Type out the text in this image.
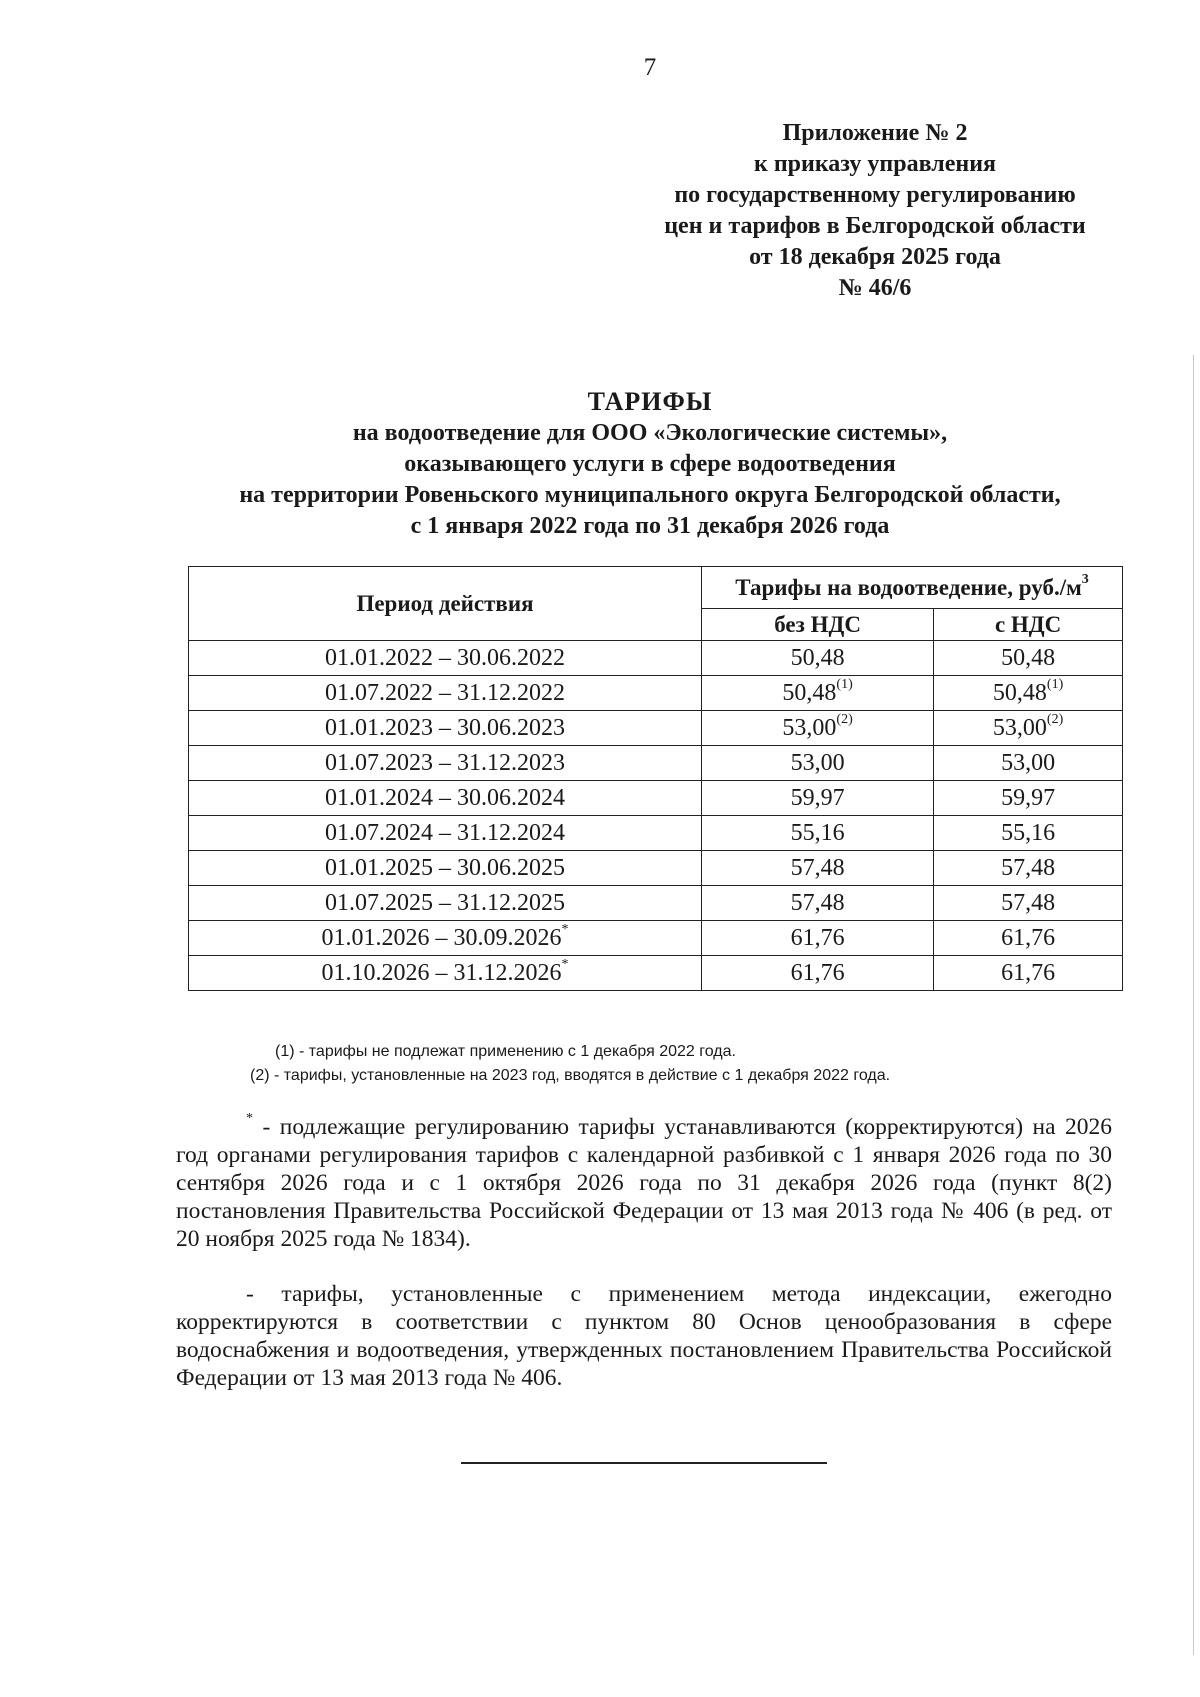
7
Приложение № 2
к приказу управления
по государственному регулированию
цен и тарифов в Белгородской области
от 18 декабря 2025 года
№ 46/6
ТАРИФЫ
на водоотведение для ООО «Экологические системы»,
оказывающего услуги в сфере водоотведения
на территории Ровеньского муниципального округа Белгородской области,
с 1 января 2022 года по 31 декабря 2026 года
Период действия	Тарифы на водоотведение, $руб./м^3$
	без НДС	с НДС
01.01.2022 – 30.06.2022	50,48	50,48
01.07.2022 – 31.12.2022	50,48$^{(1)}$	50,48$^{(1)}$
01.01.2023 – 30.06.2023	53,00$^{(2)}$	53,00$^{(2)}$
01.07.2023 – 31.12.2023	53,00	53,00
01.01.2024 – 30.06.2024	59,97	59,97
01.07.2024 – 31.12.2024	55,16	55,16
01.01.2025 – 30.06.2025	57,48	57,48
01.07.2025 – 31.12.2025	57,48	57,48
01.01.2026 – 30.09.2026*	61,76	61,76
01.10.2026 – 31.12.2026*	61,76	61,76
(1) - тарифы не подлежат применению с 1 декабря 2022 года.
(2) - тарифы, установленные на 2023 год, вводятся в действие с 1 декабря 2022 года.

* - подлежащие регулированию тарифы устанавливаются (корректируются) на 2026 год органами регулирования тарифов с календарной разбивкой с 1 января 2026 года по 30 сентября 2026 года и с 1 октября 2026 года по 31 декабря 2026 года (пункт 8(2) постановления Правительства Российской Федерации от 13 мая 2013 года № 406 (в ред. от 20 ноября 2025 года № 1834).

- тарифы, установленные с применением метода индексации, ежегодно корректируются в соответствии с пунктом 80 Основ ценообразования в сфере водоснабжения и водоотведения, утвержденных постановлением Правительства Российской Федерации от 13 мая 2013 года № 406.
